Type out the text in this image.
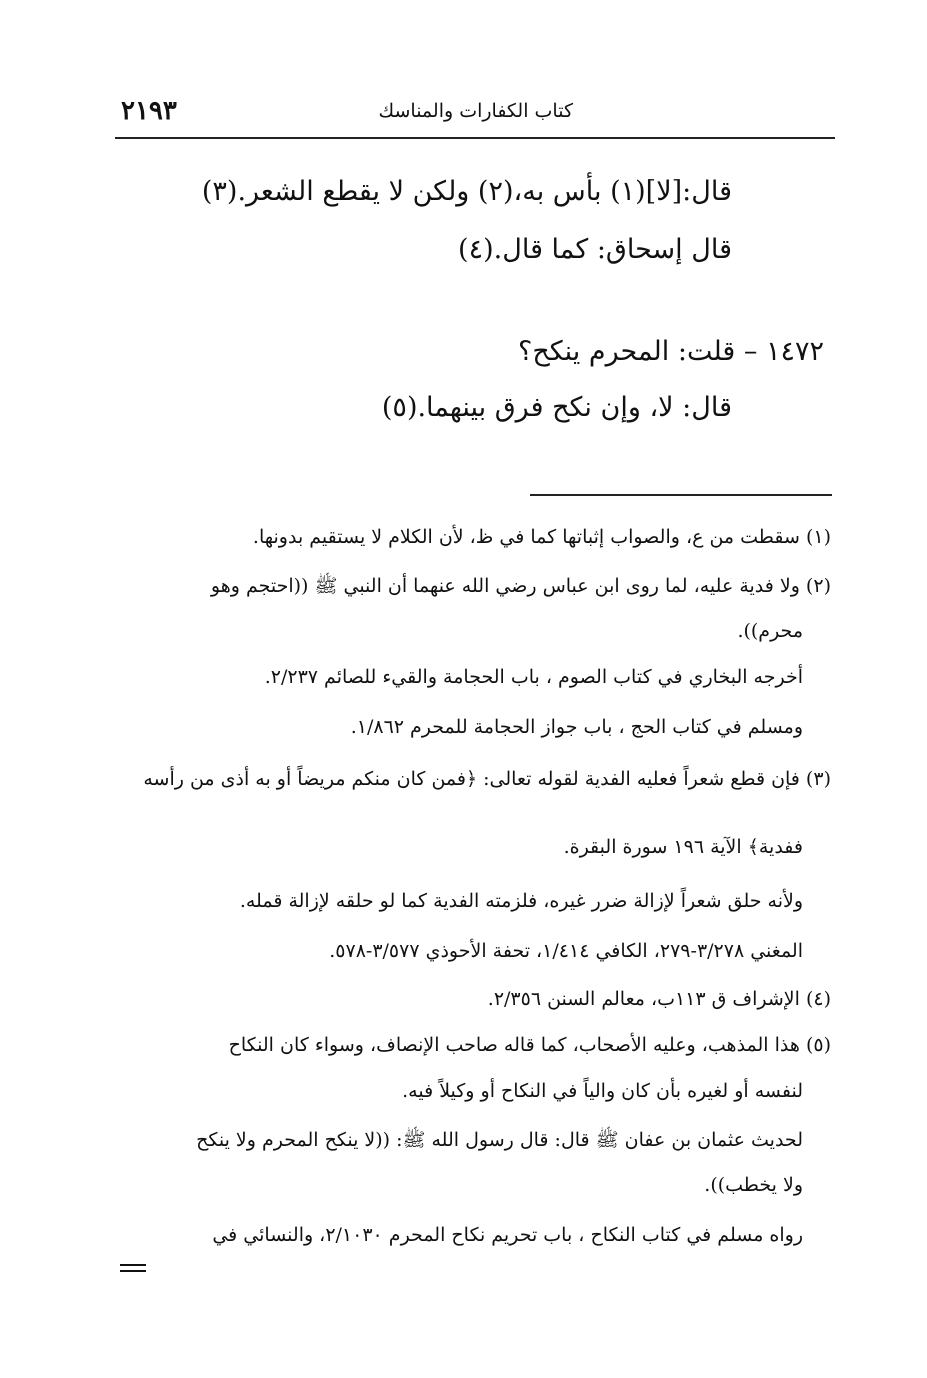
٢١٩٣	كتاب الكفارات والمناسك
قال:[لا](١) بأس به،(٢) ولكن لا يقطع الشعر.(٣)
قال إسحاق: كما قال.(٤)
١٤٧٢ – قلت: المحرم ينكح؟
قال: لا، وإن نكح فرق بينهما.(٥)
(١) سقطت من ع، والصواب إثباتها كما في ظ، لأن الكلام لا يستقيم بدونها.
(٢) ولا فدية عليه، لما روى ابن عباس رضي الله عنهما أن النبي ﷺ ((احتجم وهو
محرم)).
أخرجه البخاري في كتاب الصوم ، باب الحجامة والقيء للصائم ٢/٢٣٧.
ومسلم في كتاب الحج ، باب جواز الحجامة للمحرم ١/٨٦٢.
(٣) فإن قطع شعراً فعليه الفدية لقوله تعالى: ﴿فمن كان منكم مريضاً أو به أذى من رأسه
ففدية﴾ الآية ١٩٦ سورة البقرة.
ولأنه حلق شعراً لإزالة ضرر غيره، فلزمته الفدية كما لو حلقه لإزالة قمله.
المغني ٣/٢٧٨-٢٧٩، الكافي ١/٤١٤، تحفة الأحوذي ٣/٥٧٧-٥٧٨.
(٤) الإشراف ق ١١٣ب، معالم السنن ٢/٣٥٦.
(٥) هذا المذهب، وعليه الأصحاب، كما قاله صاحب الإنصاف، وسواء كان النكاح
لنفسه أو لغيره بأن كان والياً في النكاح أو وكيلاً فيه.
لحديث عثمان بن عفان ﷺ قال: قال رسول الله ﷺ: ((لا ينكح المحرم ولا ينكح
ولا يخطب)).
رواه مسلم في كتاب النكاح ، باب تحريم نكاح المحرم ٢/١٠٣٠، والنسائي في
